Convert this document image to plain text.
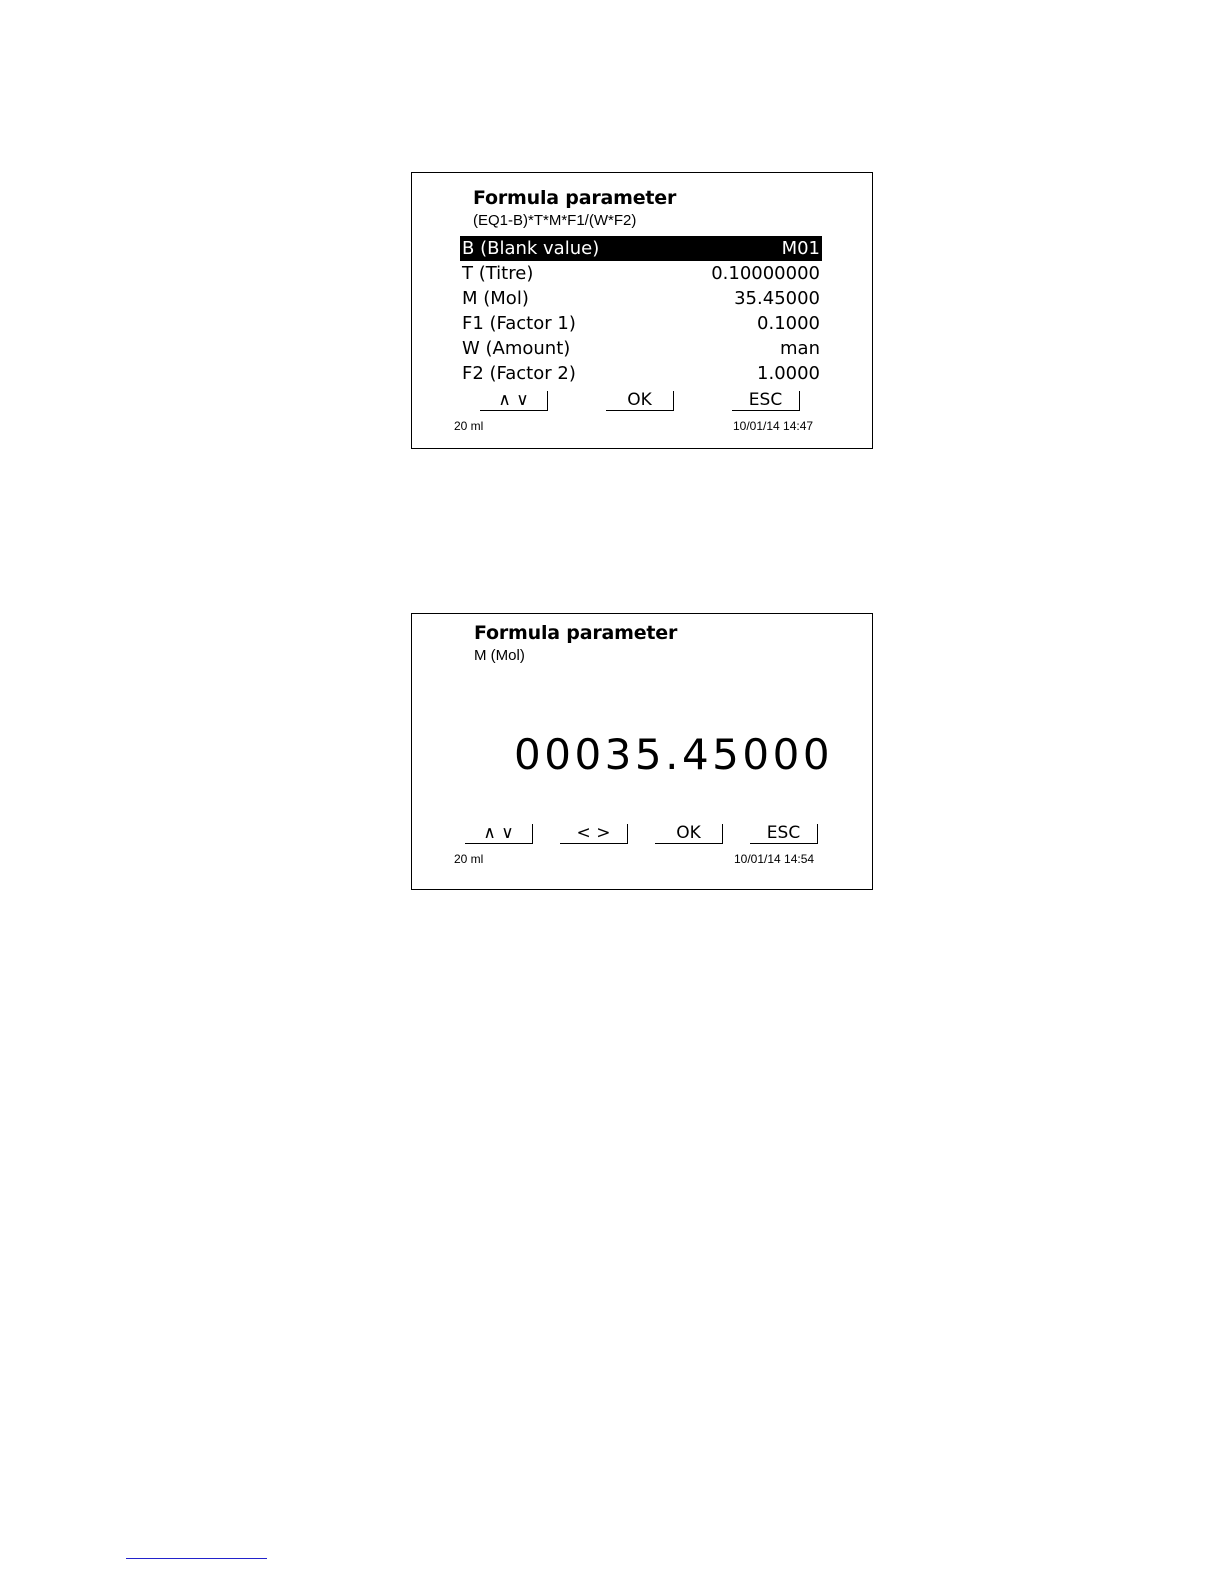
Formula parameter
(EQ1-B)*T*M*F1/(W*F2)
B (Blank value)	M01
T (Titre)	0.10000000
M (Mol)	35.45000
F1 (Factor 1)	0.1000
W (Amount)	man
F2 (Factor 2)	1.0000
∧ ∨	OK	ESC
20 ml	10/01/14 14:47
Formula parameter
M (Mol)
00035.45000
∧ ∨	< >	OK	ESC
20 ml	10/01/14 14:54
